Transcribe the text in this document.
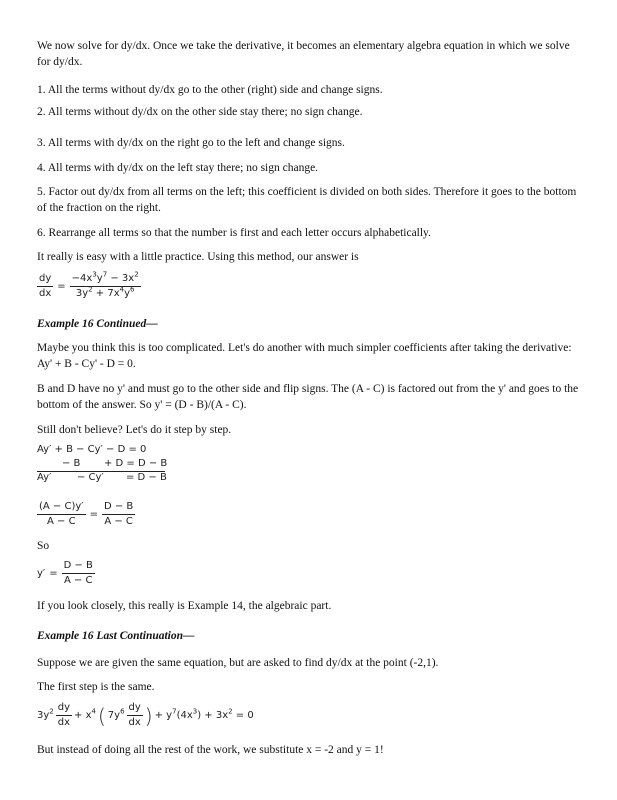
We now solve for dy/dx. Once we take the derivative, it becomes an elementary algebra equation in which we solve for dy/dx.
1. All the terms without dy/dx go to the other (right) side and change signs.
2. All terms without dy/dx on the other side stay there; no sign change.
3. All terms with dy/dx on the right go to the left and change signs.
4. All terms with dy/dx on the left stay there; no sign change.
5. Factor out dy/dx from all terms on the left; this coefficient is divided on both sides. Therefore it goes to the bottom of the fraction on the right.
6. Rearrange all terms so that the number is first and each letter occurs alphabetically.
It really is easy with a little practice. Using this method, our answer is
$\frac{dy}{dx} = \frac{-4x^3y^7 - 3x^2}{3y^2 + 7x^4y^6}$
Example 16 Continued—
Maybe you think this is too complicated. Let's do another with much simpler coefficients after taking the derivative: Ay' + B - Cy' - D = 0.
B and D have no y' and must go to the other side and flip signs. The (A - C) is factored out from the y' and goes to the bottom of the answer. So y' = (D - B)/(A - C).
Still don't believe? Let's do it step by step.
Ay′ + B − Cy′ − D = 0
− B + D = D − B
Ay′	− Cy′ = D − B
$\frac{(A - C)y'}{A - C} = \frac{D - B}{A - C}$
So
$y' = \frac{D - B}{A - C}$
If you look closely, this really is Example 14, the algebraic part.
Example 16 Last Continuation—
Suppose we are given the same equation, but are asked to find dy/dx at the point (-2,1).
The first step is the same.
$3y^2 \frac{dy}{dx} + x^4$ ( $7y^6 \frac{dy}{dx}$ ) + $y^7(4x^3) + 3x^2 = 0$
But instead of doing all the rest of the work, we substitute x = -2 and y = 1!
